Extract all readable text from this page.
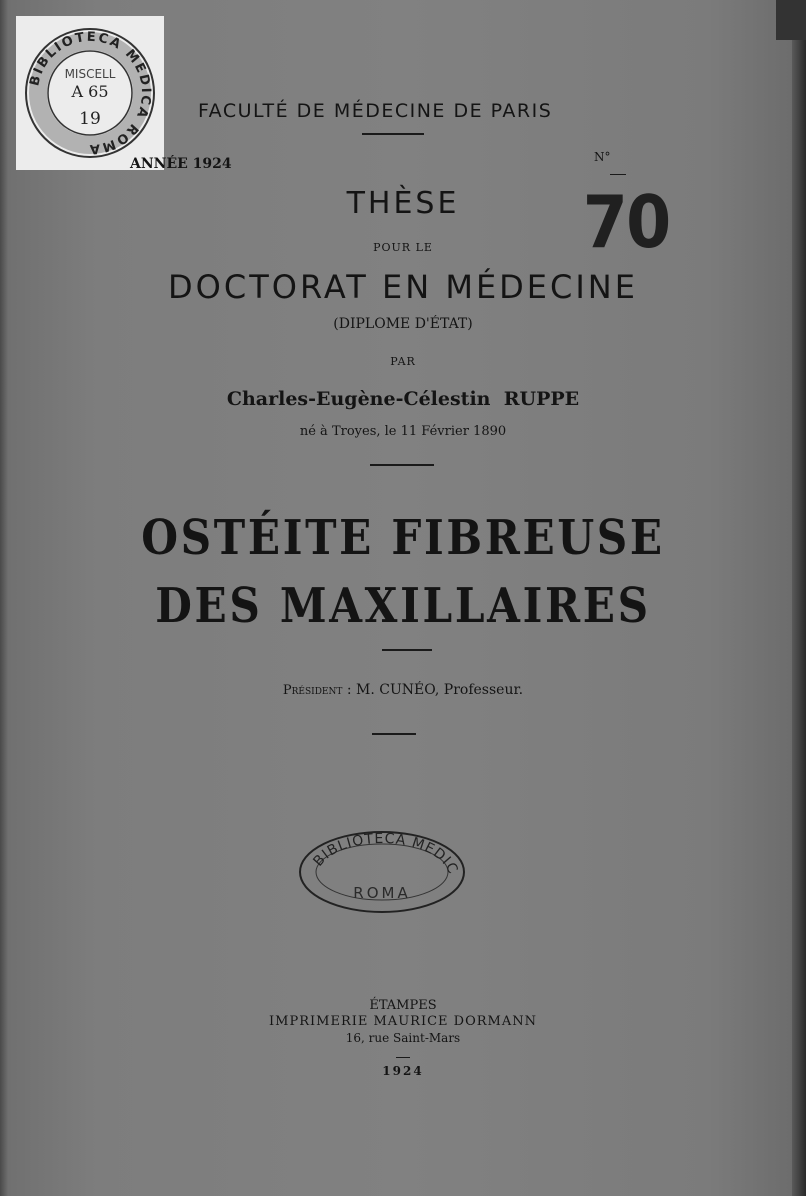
BIBLIOTECA MEDICA ROMA
MISCELL
A 65
19	FACULTÉ DE MÉDECINE DE PARIS
ANNÉE 1924	N°
70
THÈSE
POUR LE
DOCTORAT EN MÉDECINE
(DIPLOME D'ÉTAT)
PAR
Charles-Eugène-Célestin RUPPE
né à Troyes, le 11 Février 1890
OSTÉITE FIBREUSE
DES MAXILLAIRES
Président : M. CUNÉO, Professeur.
BIBLIOTECA MEDIC
ROMA
ÉTAMPES
IMPRIMERIE MAURICE DORMANN
16, rue Saint-Mars
1924
